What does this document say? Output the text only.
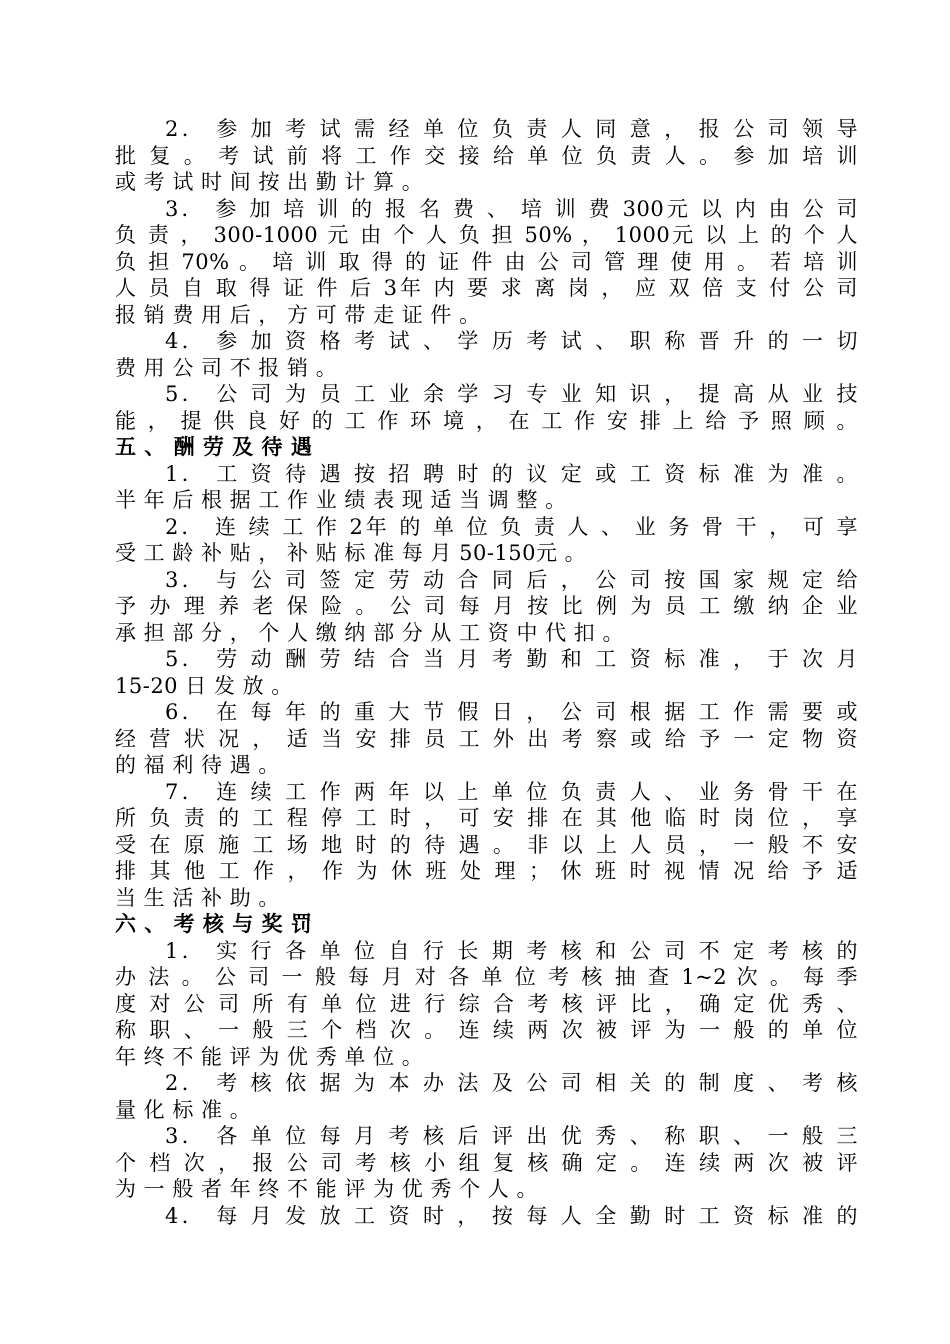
2． 参 加 考 试 需 经 单 位 负 责 人 同 意 ， 报 公 司 领 导
批 复 。 考 试 前 将 工 作 交 接 给 单 位 负 责 人 。 参 加 培 训
或 考 试 时 间 按 出 勤 计 算 。
3． 参 加 培 训 的 报 名 费 、 培 训 费 300元 以 内 由 公 司
负 责 ， 300-1000 元 由 个 人 负 担 50% ， 1000元 以 上 的 个 人
负 担 70% 。 培 训 取 得 的 证 件 由 公 司 管 理 使 用 。 若 培 训
人 员 自 取 得 证 件 后 3年 内 要 求 离 岗 ， 应 双 倍 支 付 公 司
报 销 费 用 后 ， 方 可 带 走 证 件 。
4． 参 加 资 格 考 试 、 学 历 考 试 、 职 称 晋 升 的 一 切
费 用 公 司 不 报 销 。
5． 公 司 为 员 工 业 余 学 习 专 业 知 识 ， 提 高 从 业 技
能 ， 提 供 良 好 的 工 作 环 境 ， 在 工 作 安 排 上 给 予 照 顾 。
五 、 酬 劳 及 待 遇
1． 工 资 待 遇 按 招 聘 时 的 议 定 或 工 资 标 准 为 准 。
半 年 后 根 据 工 作 业 绩 表 现 适 当 调 整 。
2． 连 续 工 作 2年 的 单 位 负 责 人 、 业 务 骨 干 ， 可 享
受 工 龄 补 贴 ， 补 贴 标 准 每 月 50-150元 。
3． 与 公 司 签 定 劳 动 合 同 后 ， 公 司 按 国 家 规 定 给
予 办 理 养 老 保 险 。 公 司 每 月 按 比 例 为 员 工 缴 纳 企 业
承 担 部 分 ， 个 人 缴 纳 部 分 从 工 资 中 代 扣 。
5． 劳 动 酬 劳 结 合 当 月 考 勤 和 工 资 标 准 ， 于 次 月
15-20 日 发 放 。
6． 在 每 年 的 重 大 节 假 日 ， 公 司 根 据 工 作 需 要 或
经 营 状 况 ， 适 当 安 排 员 工 外 出 考 察 或 给 予 一 定 物 资
的 福 利 待 遇 。
7． 连 续 工 作 两 年 以 上 单 位 负 责 人 、 业 务 骨 干 在
所 负 责 的 工 程 停 工 时 ， 可 安 排 在 其 他 临 时 岗 位 ， 享
受 在 原 施 工 场 地 时 的 待 遇 。 非 以 上 人 员 ， 一 般 不 安
排 其 他 工 作 ， 作 为 休 班 处 理 ； 休 班 时 视 情 况 给 予 适
当 生 活 补 助 。
六 、 考 核 与 奖 罚
1． 实 行 各 单 位 自 行 长 期 考 核 和 公 司 不 定 考 核 的
办 法 。 公 司 一 般 每 月 对 各 单 位 考 核 抽 查 1~2 次 。 每 季
度 对 公 司 所 有 单 位 进 行 综 合 考 核 评 比 ， 确 定 优 秀 、
称 职 、 一 般 三 个 档 次 。 连 续 两 次 被 评 为 一 般 的 单 位
年 终 不 能 评 为 优 秀 单 位 。
2． 考 核 依 据 为 本 办 法 及 公 司 相 关 的 制 度 、 考 核
量 化 标 准 。
3． 各 单 位 每 月 考 核 后 评 出 优 秀 、 称 职 、 一 般 三
个 档 次 ， 报 公 司 考 核 小 组 复 核 确 定 。 连 续 两 次 被 评
为 一 般 者 年 终 不 能 评 为 优 秀 个 人 。
4． 每 月 发 放 工 资 时 ， 按 每 人 全 勤 时 工 资 标 准 的
